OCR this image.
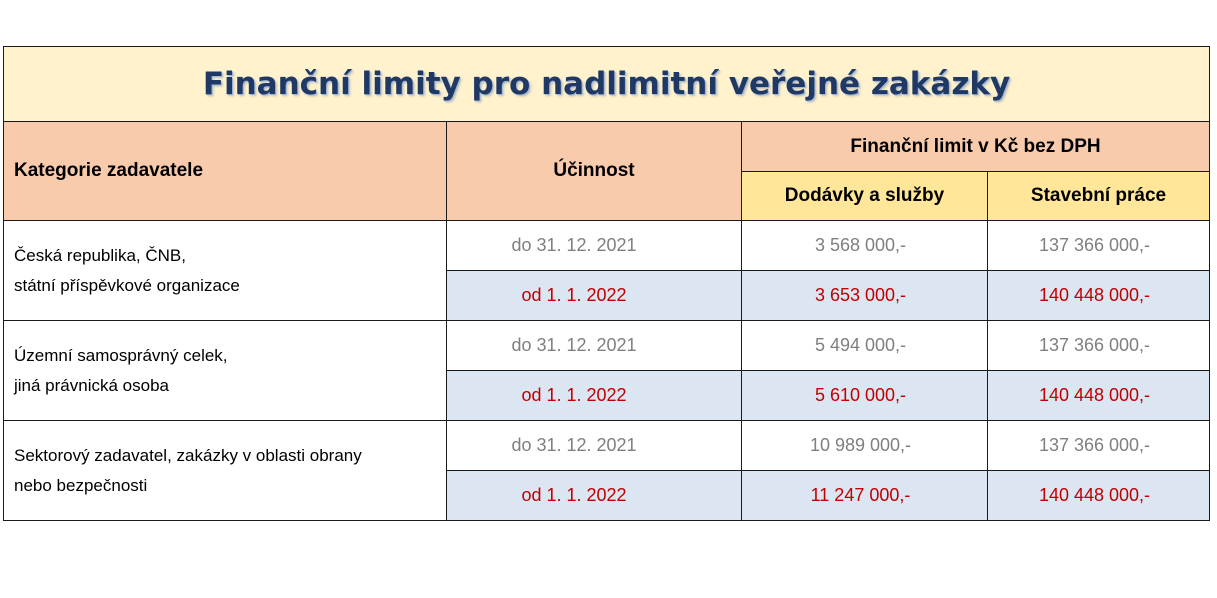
Finanční limity pro nadlimitní veřejné zakázky			
Kategorie zadavatele	Účinnost	Finanční limit v Kč bez DPH	
		Dodávky a služby	Stavební práce

Česká republika, ČNB,
státní příspěvkové organizace	do 31. 12. 2021	3 568 000,-	137 366 000,-
	od 1. 1. 2022	3 653 000,-	140 448 000,-

Územní samosprávný celek,
jiná právnická osoba	do 31. 12. 2021	5 494 000,-	137 366 000,-
	od 1. 1. 2022	5 610 000,-	140 448 000,-

Sektorový zadavatel, zakázky v oblasti obrany
nebo bezpečnosti	do 31. 12. 2021	10 989 000,-	137 366 000,-
	od 1. 1. 2022	11 247 000,-	140 448 000,-
